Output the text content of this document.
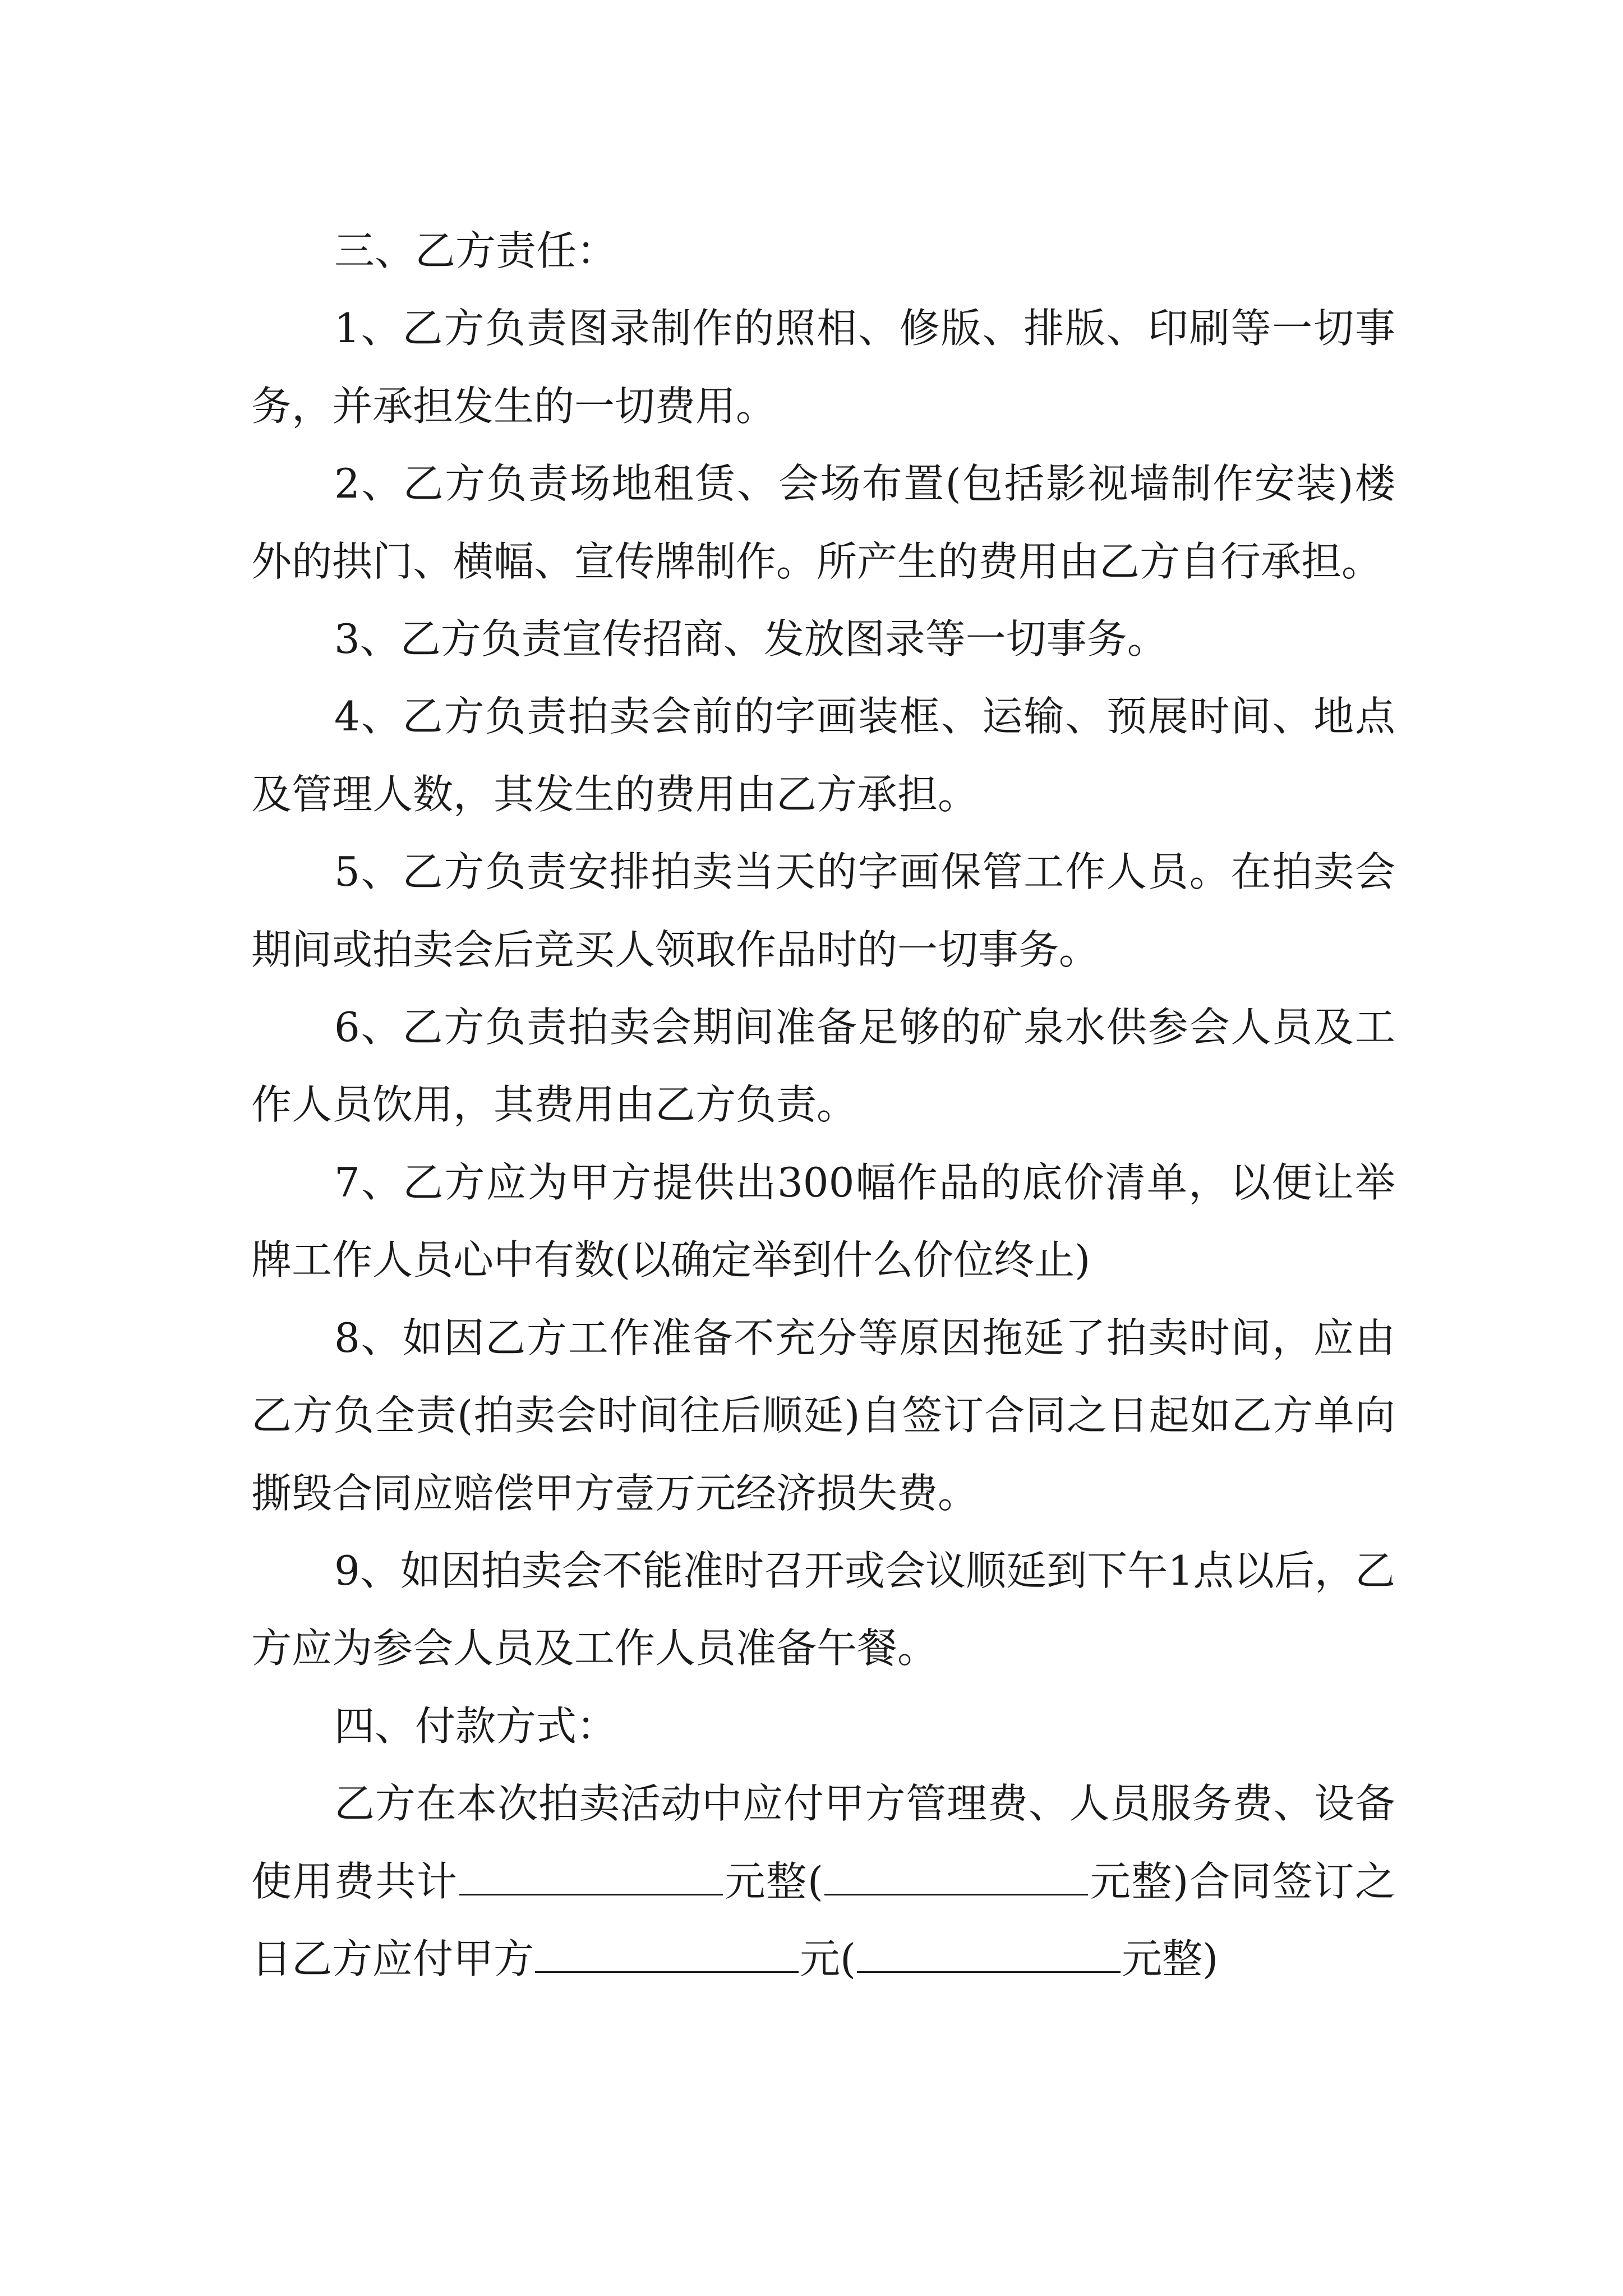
三、乙方责任：

1、乙方负责图录制作的照相、修版、排版、印刷等一切事务，并承担发生的一切费用。

2、乙方负责场地租赁、会场布置(包括影视墙制作安装)楼外的拱门、横幅、宣传牌制作。所产生的费用由乙方自行承担。

3、乙方负责宣传招商、发放图录等一切事务。

4、乙方负责拍卖会前的字画装框、运输、预展时间、地点及管理人数，其发生的费用由乙方承担。

5、乙方负责安排拍卖当天的字画保管工作人员。在拍卖会期间或拍卖会后竞买人领取作品时的一切事务。

6、乙方负责拍卖会期间准备足够的矿泉水供参会人员及工作人员饮用，其费用由乙方负责。

7、乙方应为甲方提供出300幅作品的底价清单，以便让举牌工作人员心中有数(以确定举到什么价位终止)

8、如因乙方工作准备不充分等原因拖延了拍卖时间，应由乙方负全责(拍卖会时间往后顺延)自签订合同之日起如乙方单向撕毁合同应赔偿甲方壹万元经济损失费。

9、如因拍卖会不能准时召开或会议顺延到下午1点以后，乙方应为参会人员及工作人员准备午餐。

四、付款方式：

乙方在本次拍卖活动中应付甲方管理费、人员服务费、设备使用费共计	元整(	元整)合同签订之日乙方应付甲方	元(	元整)
